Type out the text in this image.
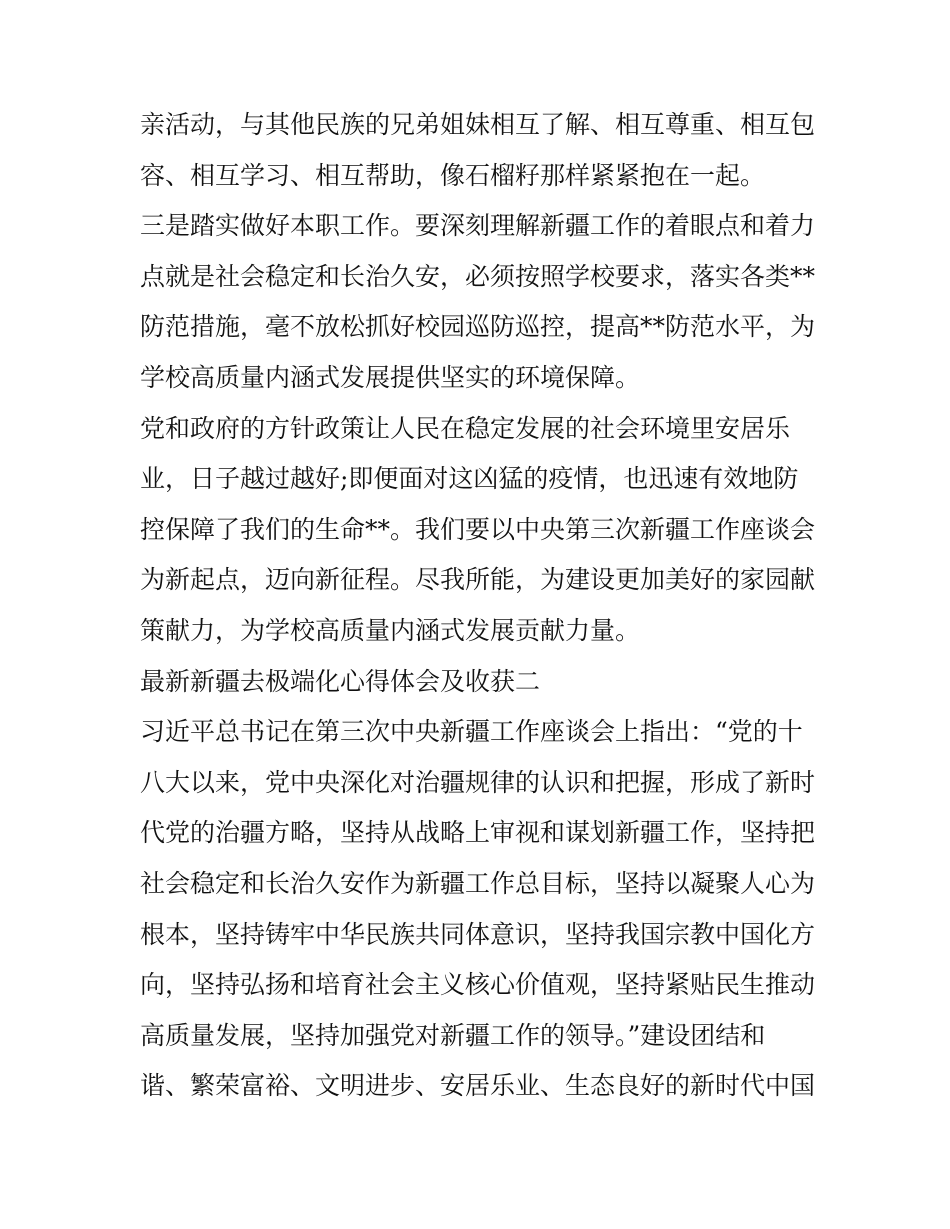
亲活动，与其他民族的兄弟姐妹相互了解、相互尊重、相互包
容、相互学习、相互帮助，像石榴籽那样紧紧抱在一起。
三是踏实做好本职工作。要深刻理解新疆工作的着眼点和着力
点就是社会稳定和长治久安，必须按照学校要求，落实各类**
防范措施，毫不放松抓好校园巡防巡控，提高**防范水平，为
学校高质量内涵式发展提供坚实的环境保障。
党和政府的方针政策让人民在稳定发展的社会环境里安居乐
业，日子越过越好;即便面对这凶猛的疫情，也迅速有效地防
控保障了我们的生命**。我们要以中央第三次新疆工作座谈会
为新起点，迈向新征程。尽我所能，为建设更加美好的家园献
策献力，为学校高质量内涵式发展贡献力量。
最新新疆去极端化心得体会及收获二
习近平总书记在第三次中央新疆工作座谈会上指出：“党的十
八大以来，党中央深化对治疆规律的认识和把握，形成了新时
代党的治疆方略，坚持从战略上审视和谋划新疆工作，坚持把
社会稳定和长治久安作为新疆工作总目标，坚持以凝聚人心为
根本，坚持铸牢中华民族共同体意识，坚持我国宗教中国化方
向，坚持弘扬和培育社会主义核心价值观，坚持紧贴民生推动
高质量发展，坚持加强党对新疆工作的领导。”建设团结和
谐、繁荣富裕、文明进步、安居乐业、生态良好的新时代中国
